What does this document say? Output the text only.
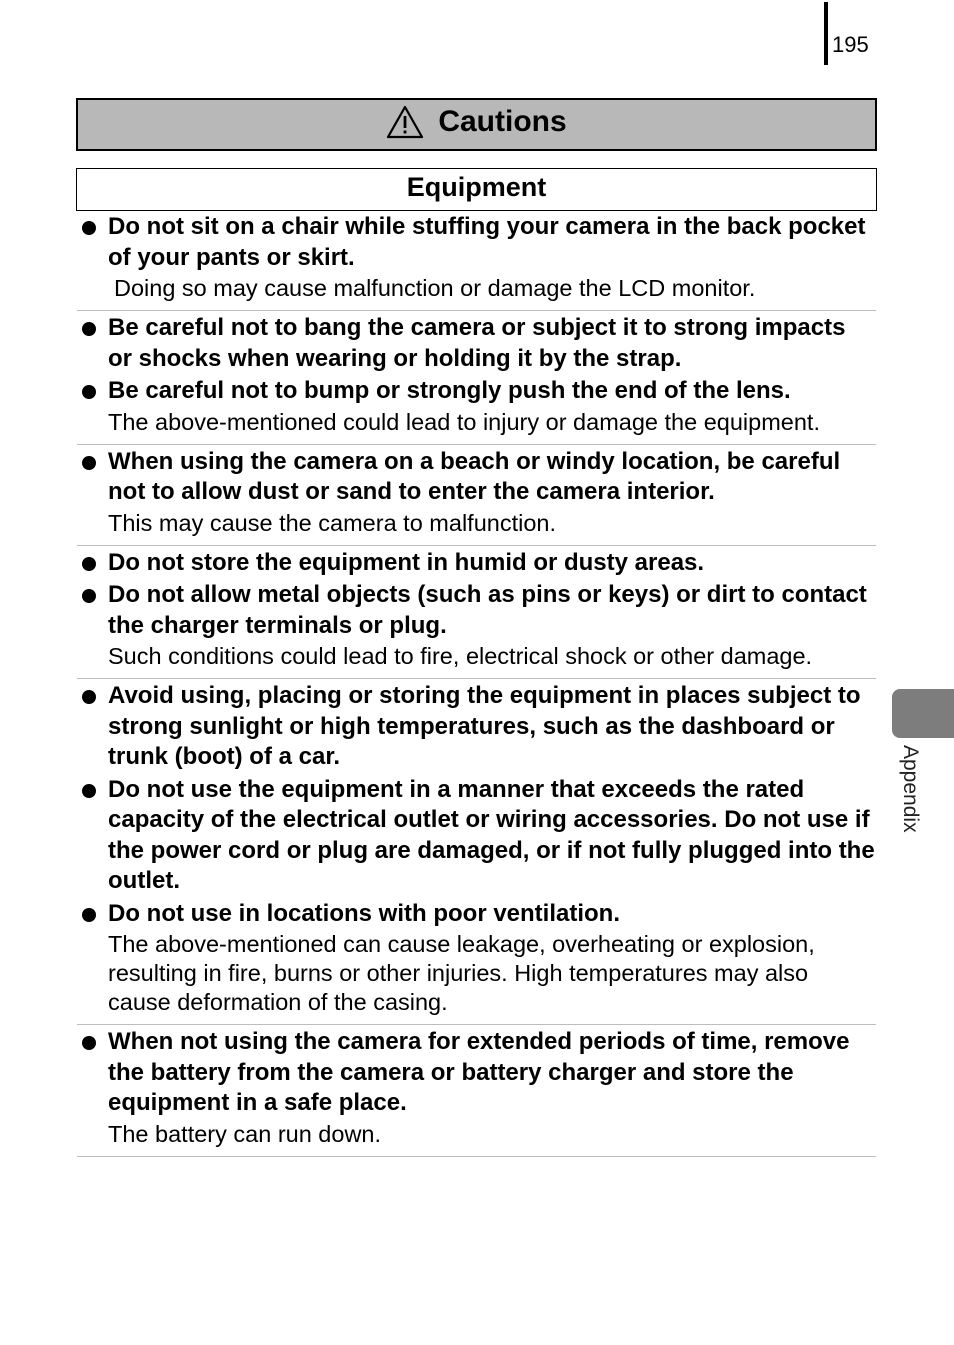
195
Cautions
Equipment
Do not sit on a chair while stuffing your camera in the back pocket of your pants or skirt.
Doing so may cause malfunction or damage the LCD monitor.
Be careful not to bang the camera or subject it to strong impacts or shocks when wearing or holding it by the strap.
Be careful not to bump or strongly push the end of the lens.
The above-mentioned could lead to injury or damage the equipment.
When using the camera on a beach or windy location, be careful not to allow dust or sand to enter the camera interior.
This may cause the camera to malfunction.
Do not store the equipment in humid or dusty areas.
Do not allow metal objects (such as pins or keys) or dirt to contact the charger terminals or plug.
Such conditions could lead to fire, electrical shock or other damage.
Avoid using, placing or storing the equipment in places subject to strong sunlight or high temperatures, such as the dashboard or trunk (boot) of a car.
Do not use the equipment in a manner that exceeds the rated capacity of the electrical outlet or wiring accessories. Do not use if the power cord or plug are damaged, or if not fully plugged into the outlet.
Do not use in locations with poor ventilation.
The above-mentioned can cause leakage, overheating or explosion, resulting in fire, burns or other injuries. High temperatures may also cause deformation of the casing.
When not using the camera for extended periods of time, remove the battery from the camera or battery charger and store the equipment in a safe place.
The battery can run down.
Appendix
